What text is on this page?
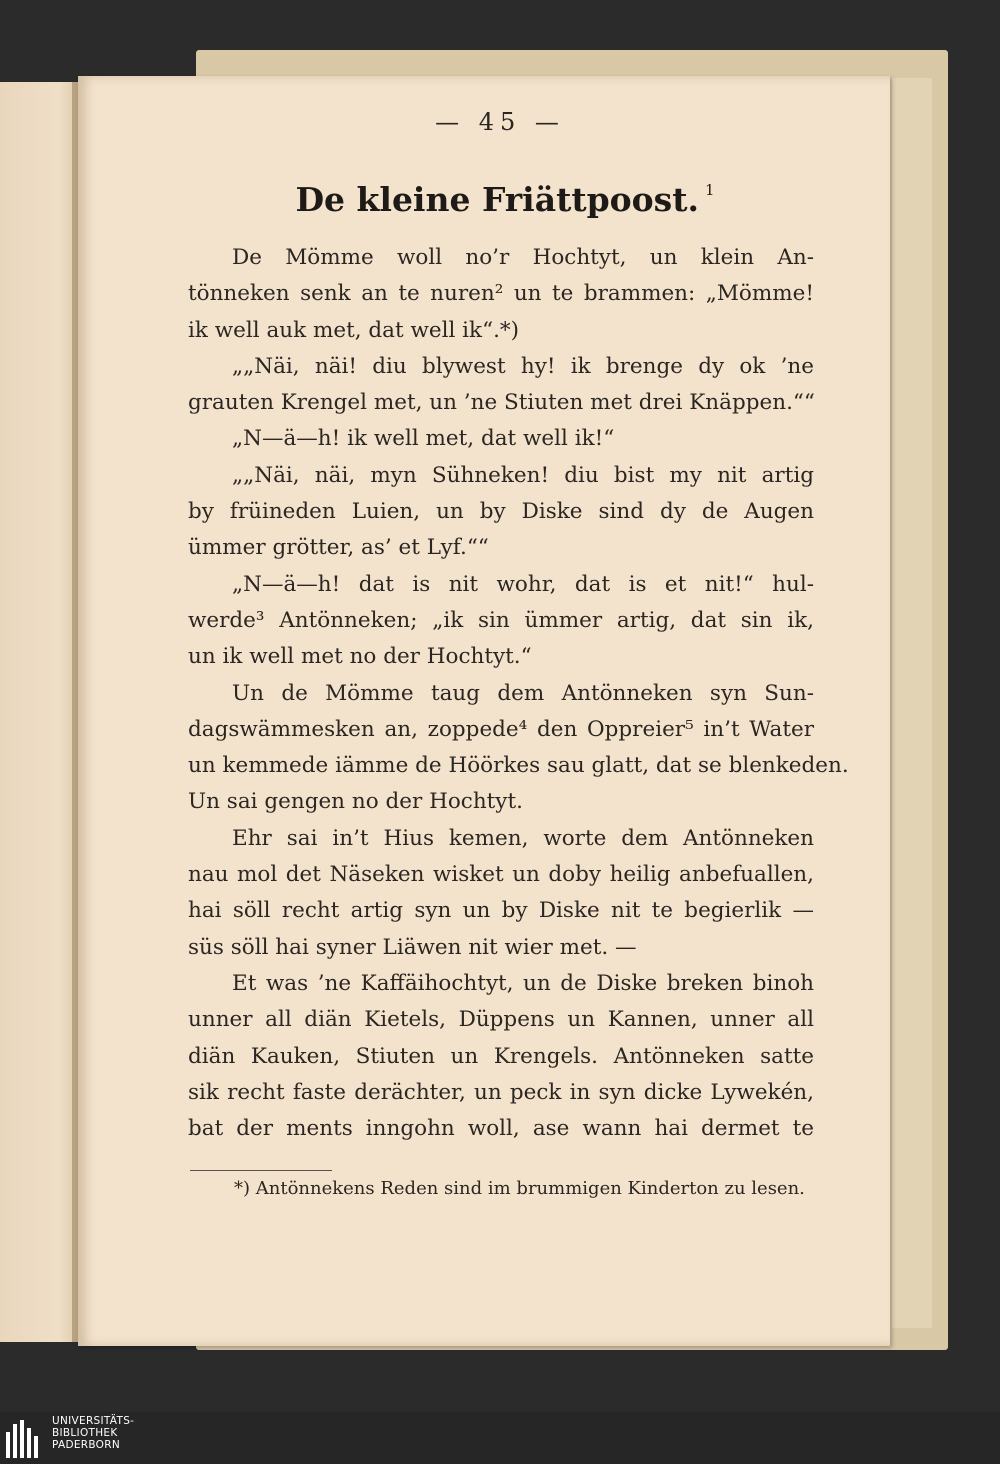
— 45 —
De kleine Friättpoost. $^1$
De Mömme woll no’r Hochtyt, un klein An-
tönneken senk an te nuren² un te brammen: „Mömme!
ik well auk met, dat well ik“.*)
„„Näi, näi! diu blywest hy! ik brenge dy ok ’ne
grauten Krengel met, un ’ne Stiuten met drei Knäppen.““
„N—ä—h! ik well met, dat well ik!“
„„Näi, näi, myn Sühneken! diu bist my nit artig
by früineden Luien, un by Diske sind dy de Augen
ümmer grötter, as’ et Lyf.““
„N—ä—h! dat is nit wohr, dat is et nit!“ hul-
werde³ Antönneken; „ik sin ümmer artig, dat sin ik,
un ik well met no der Hochtyt.“
Un de Mömme taug dem Antönneken syn Sun-
dagswämmesken an, zoppede⁴ den Oppreier⁵ in’t Water
un kemmede iämme de Höörkes sau glatt, dat se blenkeden.
Un sai gengen no der Hochtyt.
Ehr sai in’t Hius kemen, worte dem Antönneken
nau mol det Näseken wisket un doby heilig anbefuallen,
hai söll recht artig syn un by Diske nit te begierlik —
süs söll hai syner Liäwen nit wier met. —
Et was ’ne Kaffäihochtyt, un de Diske breken binoh
unner all diän Kietels, Düppens un Kannen, unner all
diän Kauken, Stiuten un Krengels. Antönneken satte
sik recht faste derächter, un peck in syn dicke Lywekén,
bat der ments inngohn woll, ase wann hai dermet te
*) Antönnekens Reden sind im brummigen Kinderton zu lesen.
UNIVERSITÄTS-
BIBLIOTHEK
PADERBORN
